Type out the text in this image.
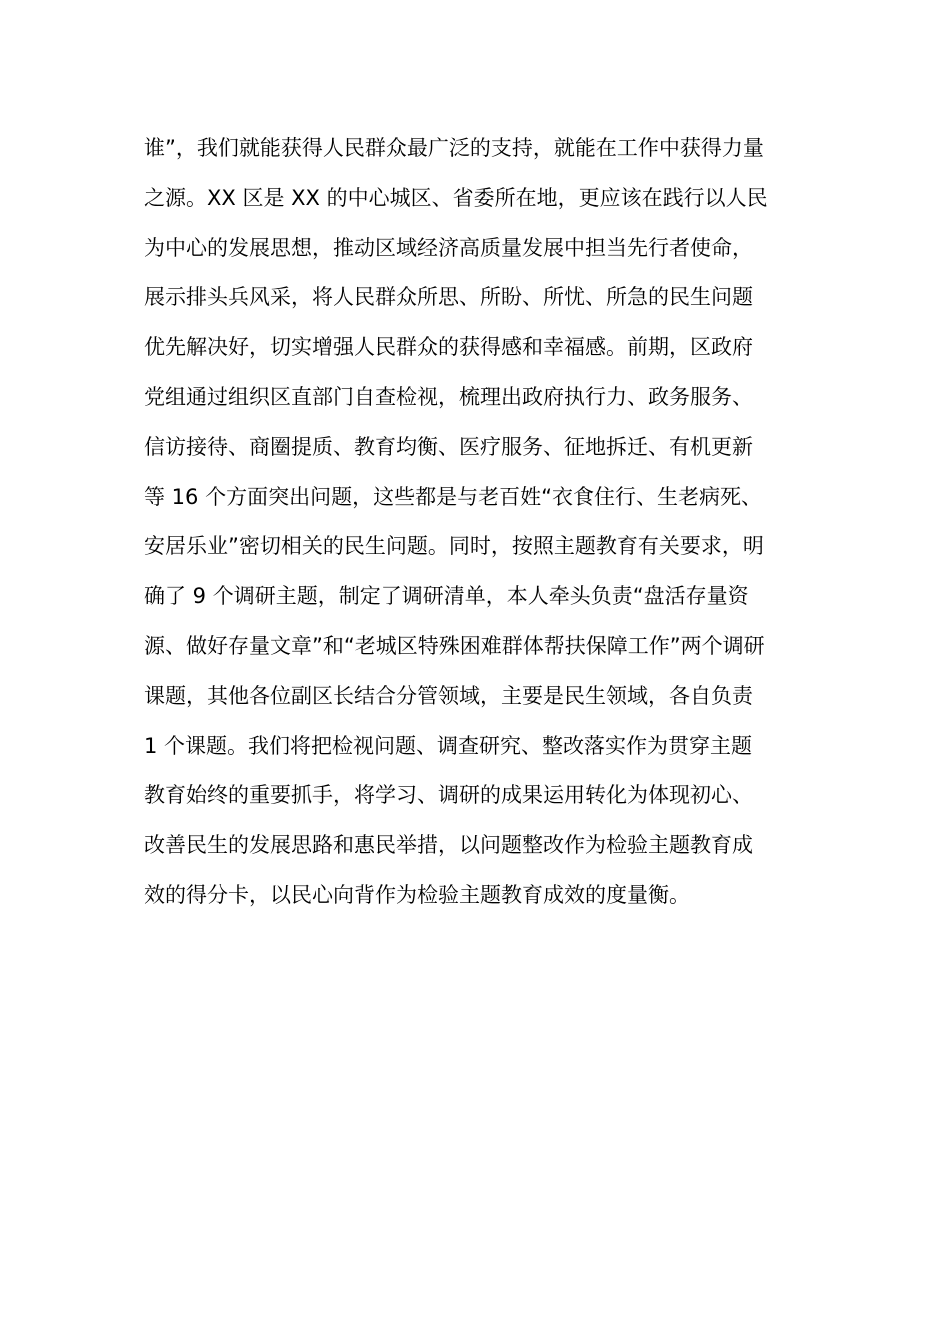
谁”，我们就能获得人民群众最广泛的支持，就能在工作中获得力量
之源。XX 区是 XX 的中心城区、省委所在地，更应该在践行以人民
为中心的发展思想，推动区域经济高质量发展中担当先行者使命，
展示排头兵风采，将人民群众所思、所盼、所忧、所急的民生问题
优先解决好，切实增强人民群众的获得感和幸福感。前期，区政府
党组通过组织区直部门自查检视，梳理出政府执行力、政务服务、
信访接待、商圈提质、教育均衡、医疗服务、征地拆迁、有机更新
等 16 个方面突出问题，这些都是与老百姓“衣食住行、生老病死、
安居乐业”密切相关的民生问题。同时，按照主题教育有关要求，明
确了 9 个调研主题，制定了调研清单，本人牵头负责“盘活存量资
源、做好存量文章”和“老城区特殊困难群体帮扶保障工作”两个调研
课题，其他各位副区长结合分管领域，主要是民生领域，各自负责
1 个课题。我们将把检视问题、调查研究、整改落实作为贯穿主题
教育始终的重要抓手，将学习、调研的成果运用转化为体现初心、
改善民生的发展思路和惠民举措，以问题整改作为检验主题教育成
效的得分卡，以民心向背作为检验主题教育成效的度量衡。
